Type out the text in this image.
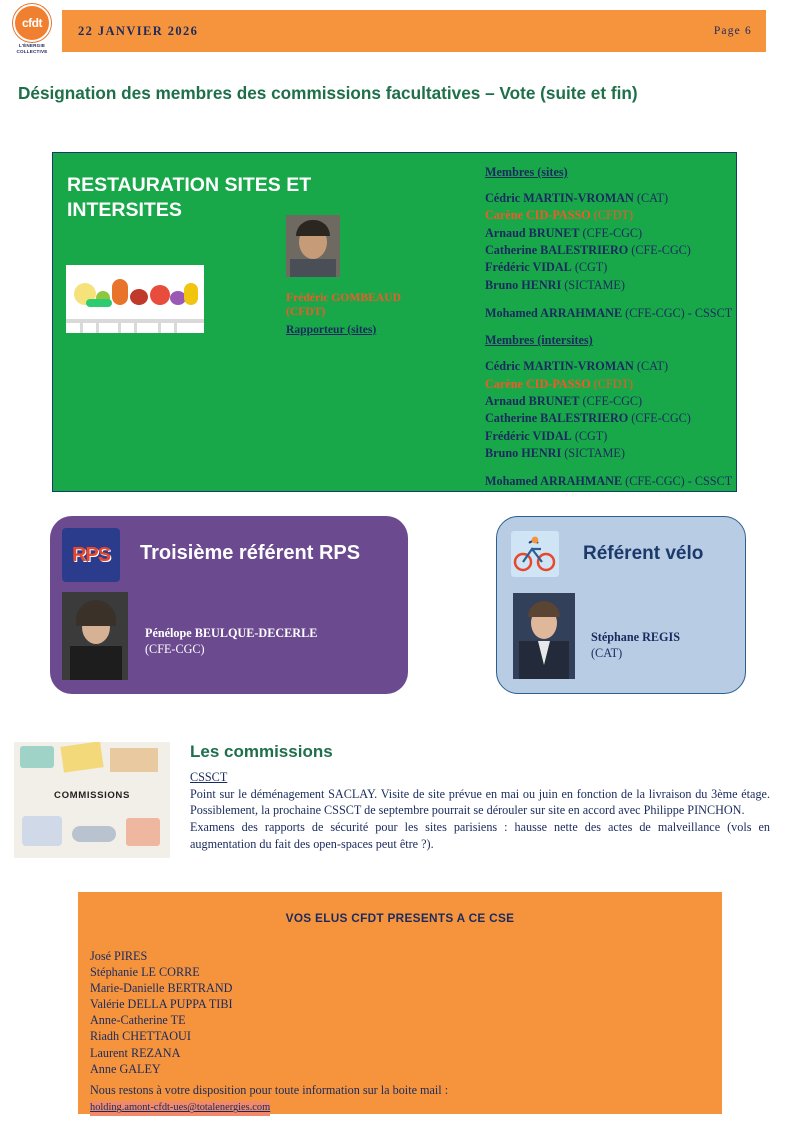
cfdt
L'ÉNERGIE COLLECTIVE
22 JANVIER 2026	Page 6
Désignation des membres des commissions facultatives – Vote (suite et fin)
RESTAURATION SITES ET INTERSITES
Frédéric GOMBEAUD
(CFDT)
Rapporteur (sites)
Membres (sites)
Cédric MARTIN-VROMAN (CAT)
Carène CID-PASSO (CFDT)
Arnaud BRUNET (CFE-CGC)
Catherine BALESTRIERO (CFE-CGC)
Frédéric VIDAL (CGT)
Bruno HENRI (SICTAME)
Mohamed ARRAHMANE (CFE-CGC) - CSSCT
Membres (intersites)
Cédric MARTIN-VROMAN (CAT)
Carène CID-PASSO (CFDT)
Arnaud BRUNET (CFE-CGC)
Catherine BALESTRIERO (CFE-CGC)
Frédéric VIDAL (CGT)
Bruno HENRI (SICTAME)
Mohamed ARRAHMANE (CFE-CGC) - CSSCT
RPS Troisième référent RPS
Pénélope BEULQUE-DECERLE
(CFE-CGC)
Référent vélo
Stéphane REGIS
(CAT)
COMMISSIONS
Les commissions
CSSCT

Point sur le déménagement SACLAY. Visite de site prévue en mai ou juin en fonction de la livraison du 3ème étage. Possiblement, la prochaine CSSCT de septembre pourrait se dérouler sur site en accord avec Philippe PINCHON.

Examens des rapports de sécurité pour les sites parisiens : hausse nette des actes de malveillance (vols en augmentation du fait des open-spaces peut être ?).

VOS ELUS CFDT PRESENTS A CE CSE
José PIRES
Stéphanie LE CORRE
Marie-Danielle BERTRAND
Valérie DELLA PUPPA TIBI
Anne-Catherine TE
Riadh CHETTAOUI
Laurent REZANA
Anne GALEY
Nous restons à votre disposition pour toute information sur la boite mail :
holding.amont-cfdt-ues@totalenergies.com
